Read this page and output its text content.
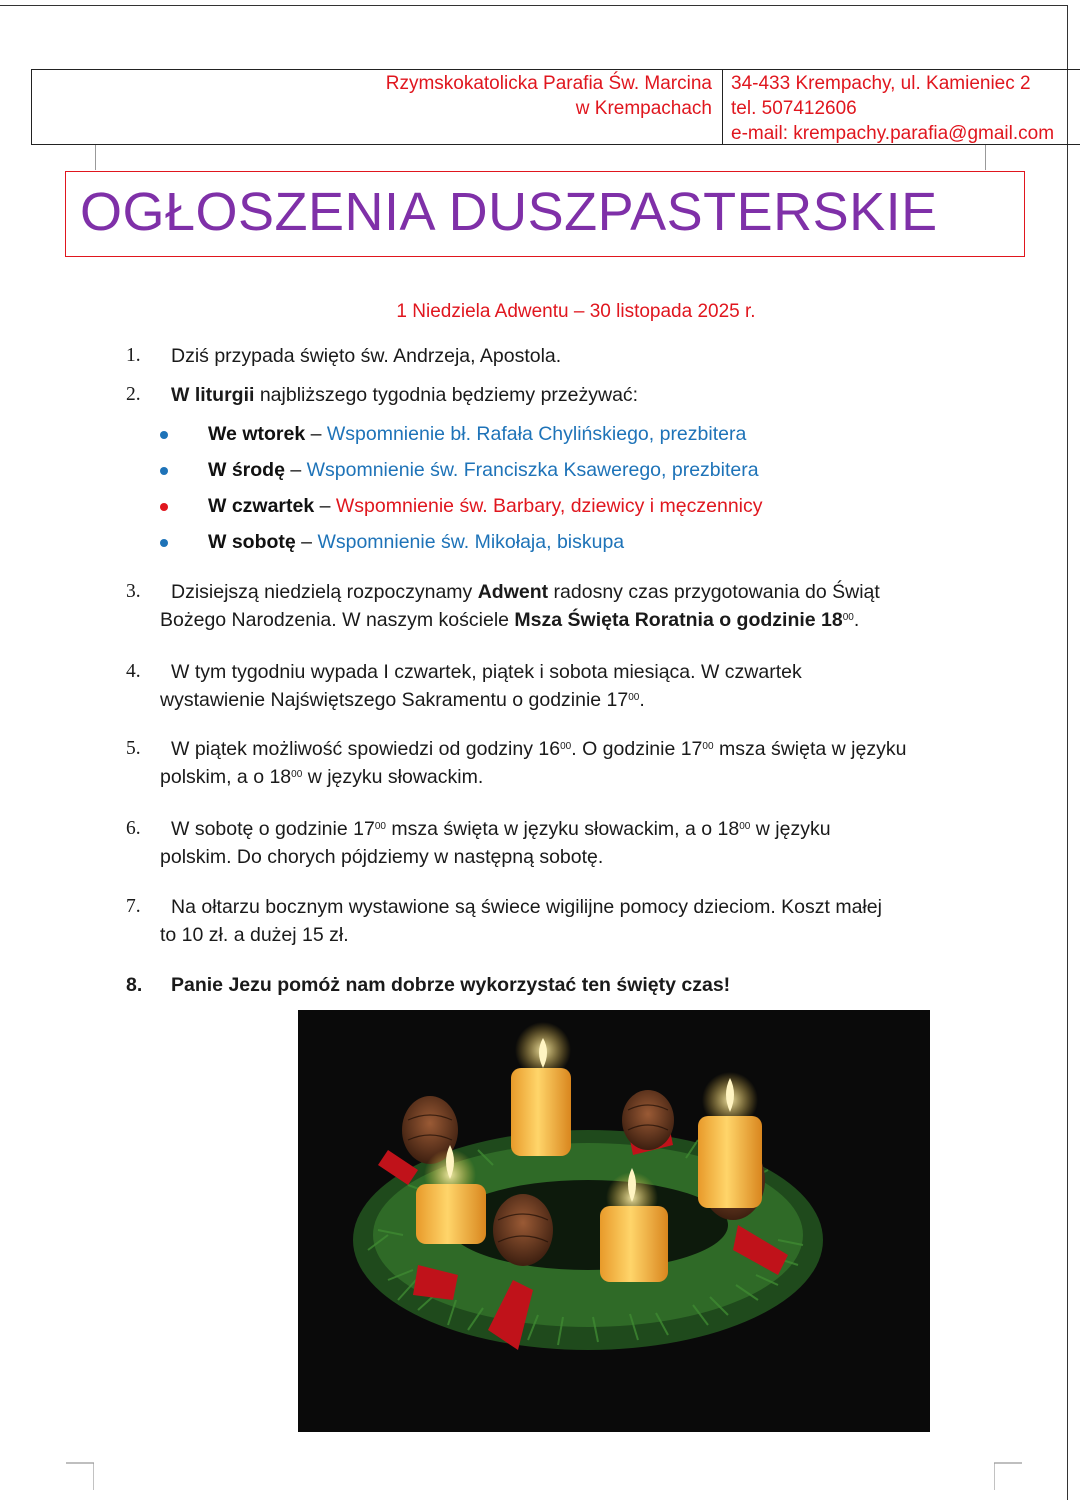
Rzymskokatolicka Parafia Św. Marcina
w Krempachach
34-433 Krempachy, ul. Kamieniec 2
tel. 507412606
e-mail: krempachy.parafia@gmail.com
OGŁOSZENIA DUSZPASTERSKIE
1 Niedziela Adwentu – 30 listopada 2025 r.
1.	Dziś przypada święto św. Andrzeja, Apostola.
2.	W liturgii najbliższego tygodnia będziemy przeżywać:
We wtorek – Wspomnienie bł. Rafała Chylińskiego, prezbitera
W środę – Wspomnienie św. Franciszka Ksawerego, prezbitera
W czwartek – Wspomnienie św. Barbary, dziewicy i męczennicy
W sobotę – Wspomnienie św. Mikołaja, biskupa
3.	Dzisiejszą niedzielą rozpoczynamy Adwent radosny czas przygotowania do Świąt
Bożego Narodzenia. W naszym kościele Msza Święta Roratnia o godzinie $18^{00}$.
4.	W tym tygodniu wypada I czwartek, piątek i sobota miesiąca. W czwartek
wystawienie Najświętszego Sakramentu o godzinie $17^{00}$.
5.	W piątek możliwość spowiedzi od godziny $16^{00}$. O godzinie $17^{00}$ msza święta w języku
polskim, a o $18^{00}$ w języku słowackim.
6.	W sobotę o godzinie $17^{00}$ msza święta w języku słowackim, a o $18^{00}$ w języku
polskim. Do chorych pójdziemy w następną sobotę.
7.	Na ołtarzu bocznym wystawione są świece wigilijne pomocy dzieciom. Koszt małej
to 10 zł. a dużej 15 zł.
8.	Panie Jezu pomóż nam dobrze wykorzystać ten święty czas!
